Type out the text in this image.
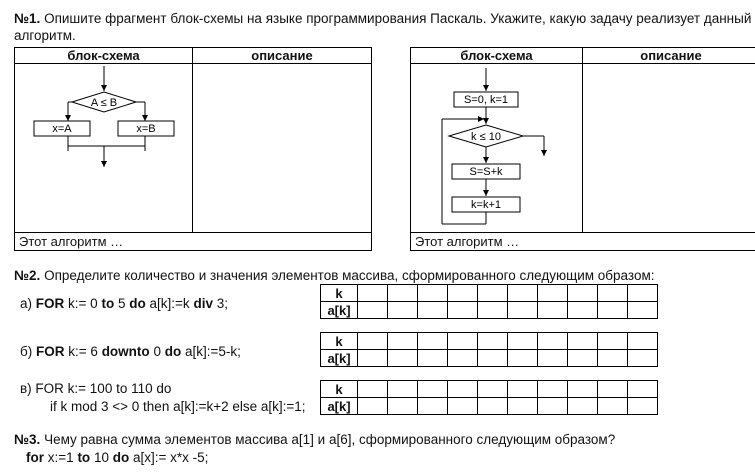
№1. Опишите фрагмент блок-схемы на языке программирования Паскаль. Укажите, какую задачу реализует данный алгоритм.
блок-схема	описание

Этот алгоритм …	
A ≤ B
x=A	x=B
блок-схема	описание

Этот алгоритм …	
S=0, k=1
k ≤ 10
S=S+k
k=k+1
№2. Определите количество и значения элементов массива, сформированного следующим образом:
а) FOR k:= 0 to 5 do a[k]:=k div 3;
k										
a[k]										
б) FOR k:= 6 downto 0 do a[k]:=5-k;
k										
a[k]										
в) FOR k:= 100 to 110 do
if k mod 3 <> 0 then a[k]:=k+2 else a[k]:=1;
k										
a[k]										
№3. Чему равна сумма элементов массива a[1] и a[6], сформированного следующим образом?
for x:=1 to 10 do a[x]:= x*x -5;
